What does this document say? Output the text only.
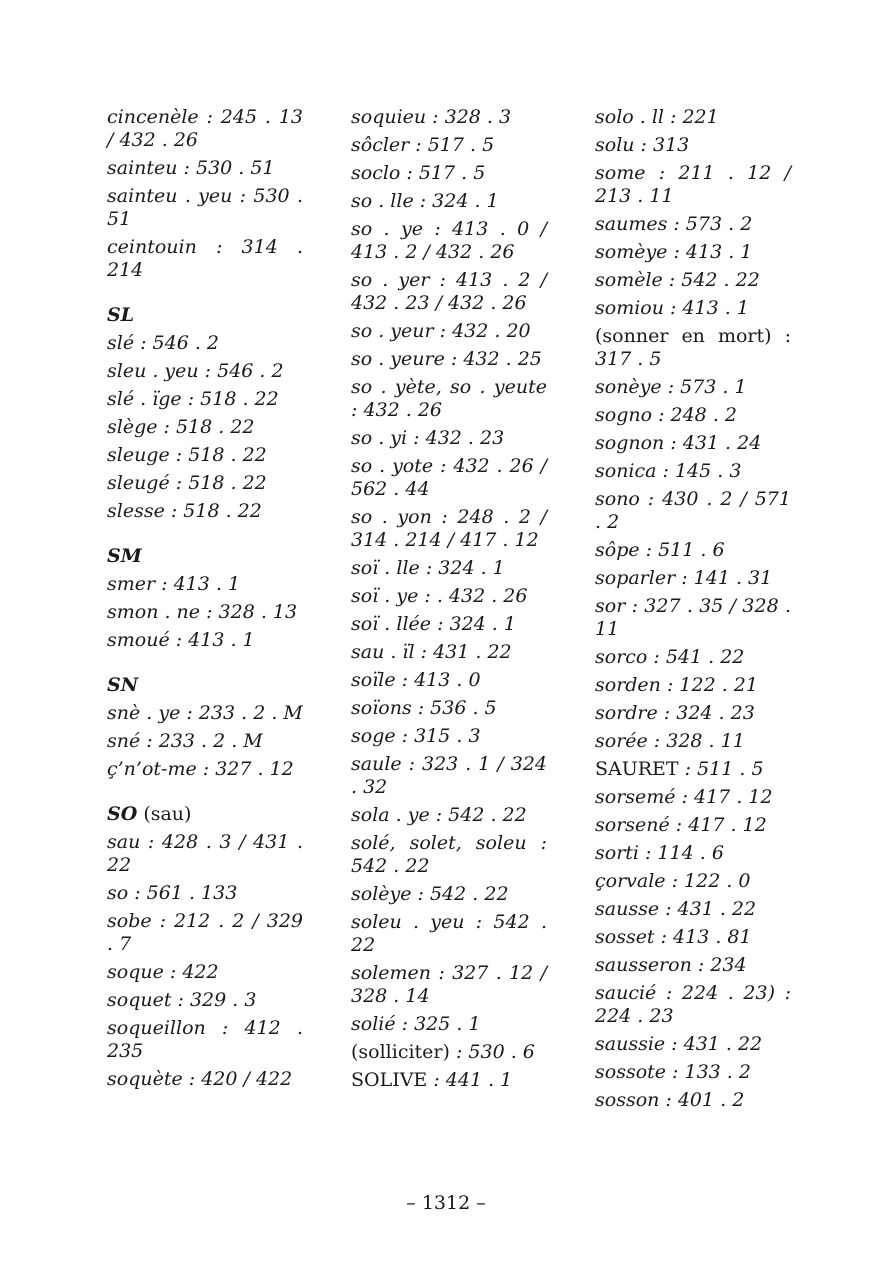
cincenèle : 245 . 13 / 432 . 26
sainteu : 530 . 51
sainteu . yeu : 530 . 51
ceintouin : 314 . 214
SL
slé : 546 . 2
sleu . yeu : 546 . 2
slé . ïge : 518 . 22
slège : 518 . 22
sleuge : 518 . 22
sleugé : 518 . 22
slesse : 518 . 22
SM
smer : 413 . 1
smon . ne : 328 . 13
smoué : 413 . 1
SN
snè . ye : 233 . 2 . M
sné : 233 . 2 . M
ç’n’ot-me : 327 . 12
SO (sau)
sau : 428 . 3 / 431 . 22
so : 561 . 133
sobe : 212 . 2 / 329 . 7
soque : 422
soquet : 329 . 3
soqueillon : 412 . 235
soquète : 420 / 422
soquieu : 328 . 3
sôcler : 517 . 5
soclo : 517 . 5
so . lle : 324 . 1
so . ye : 413 . 0 / 413 . 2 / 432 . 26
so . yer : 413 . 2 / 432 . 23 / 432 . 26
so . yeur : 432 . 20
so . yeure : 432 . 25
so . yète, so . yeute : 432 . 26
so . yi : 432 . 23
so . yote : 432 . 26 / 562 . 44
so . yon : 248 . 2 / 314 . 214 / 417 . 12
soï . lle : 324 . 1
soï . ye : . 432 . 26
soï . llée : 324 . 1
sau . ïl : 431 . 22
soïle : 413 . 0
soïons : 536 . 5
soge : 315 . 3
saule : 323 . 1 / 324 . 32
sola . ye : 542 . 22
solé, solet, soleu : 542 . 22
solèye : 542 . 22
soleu . yeu : 542 . 22
solemen : 327 . 12 / 328 . 14
solié : 325 . 1
(solliciter) : 530 . 6
SOLIVE : 441 . 1
solo . ll : 221
solu : 313
some : 211 . 12 / 213 . 11
saumes : 573 . 2
somèye : 413 . 1
somèle : 542 . 22
somiou : 413 . 1
(sonner en mort) : 317 . 5
sonèye : 573 . 1
sogno : 248 . 2
sognon : 431 . 24
sonica : 145 . 3
sono : 430 . 2 / 571 . 2
sôpe : 511 . 6
soparler : 141 . 31
sor : 327 . 35 / 328 . 11
sorco : 541 . 22
sorden : 122 . 21
sordre : 324 . 23
sorée : 328 . 11
SAURET : 511 . 5
sorsemé : 417 . 12
sorsené : 417 . 12
sorti : 114 . 6
çorvale : 122 . 0
sausse : 431 . 22
sosset : 413 . 81
sausseron : 234
saucié : 224 . 23) : 224 . 23
saussie : 431 . 22
sossote : 133 . 2
sosson : 401 . 2
– 1312 –
